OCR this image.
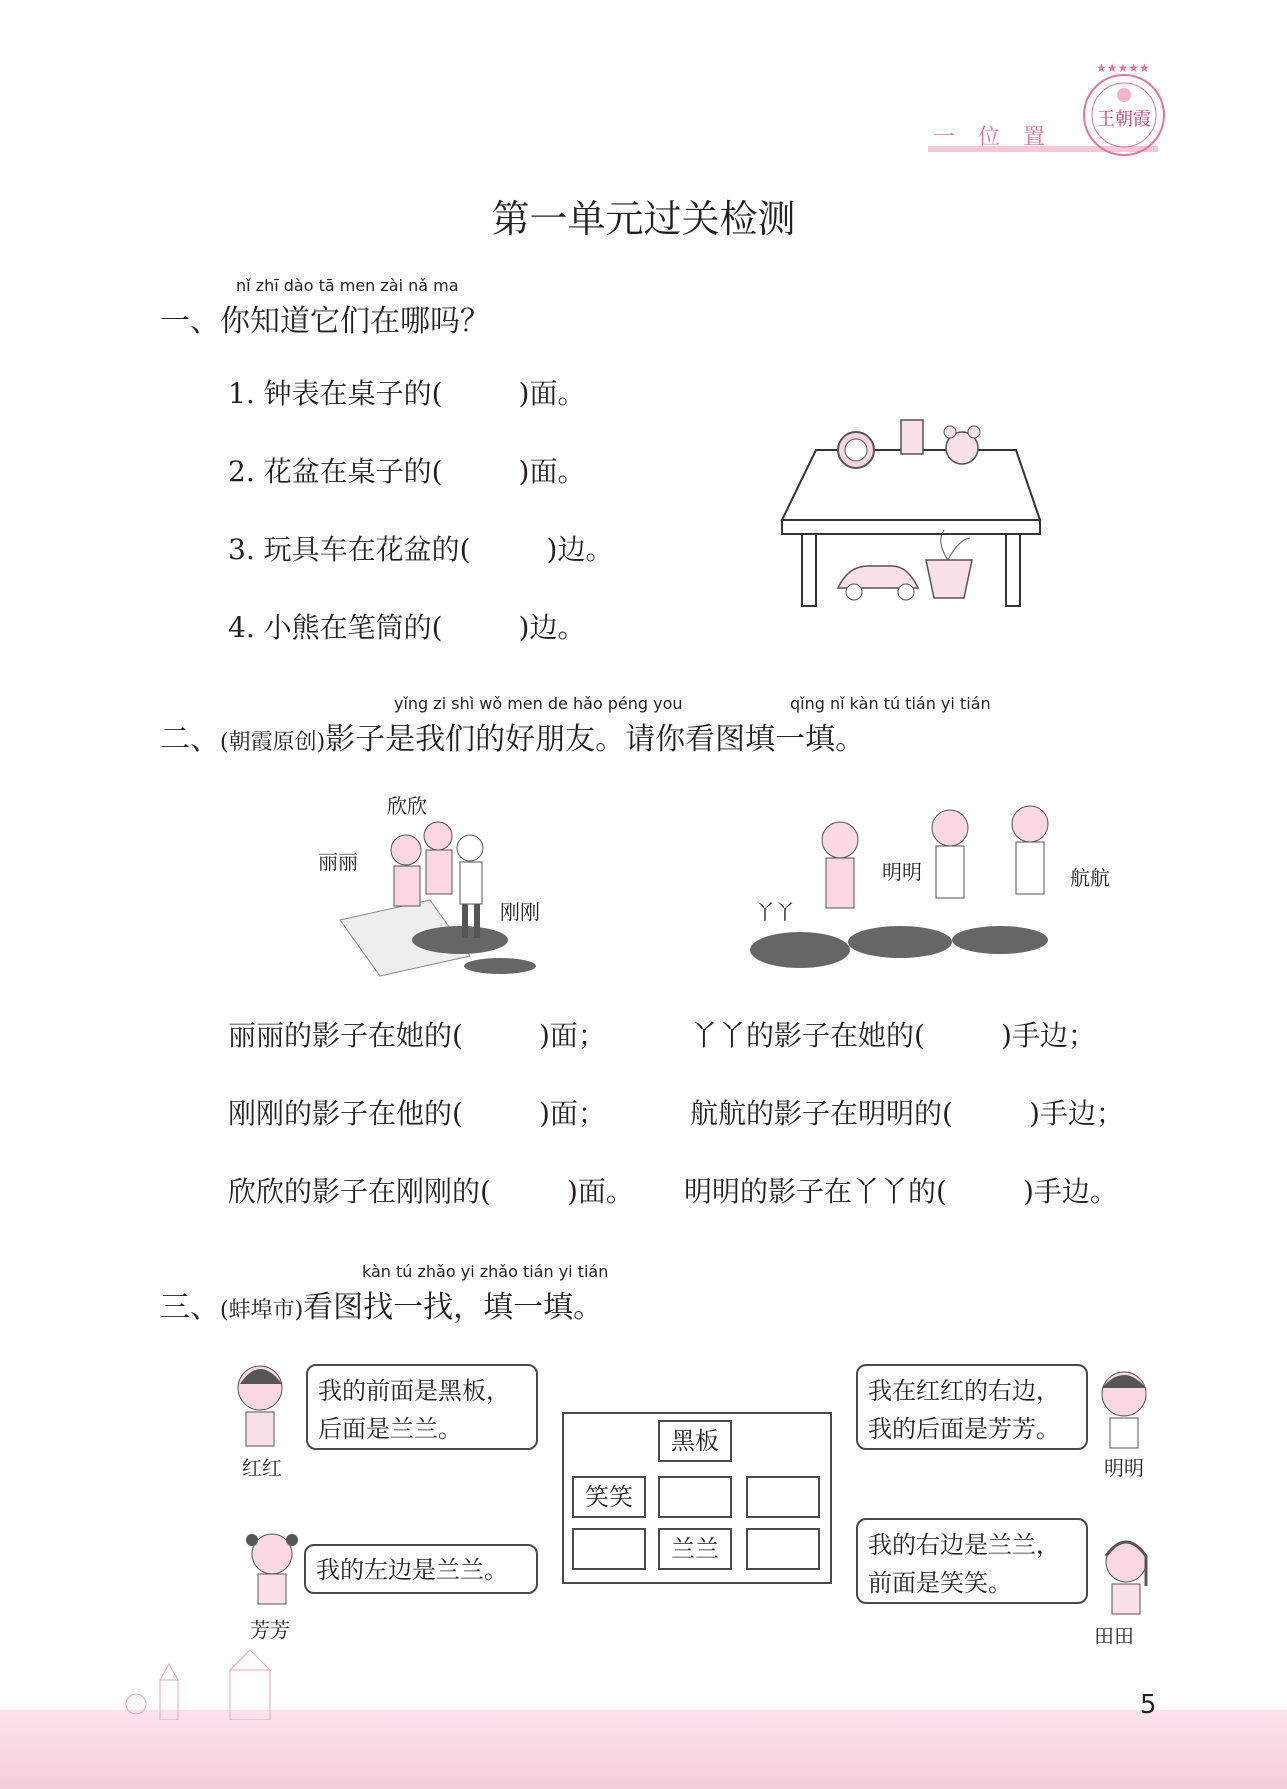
一 位 置
★★★★★
王朝霞
第一单元过关检测
nǐ zhī dào tā men zài nǎ ma
一、你知道它们在哪吗？
1. 钟表在桌子的(	)面。
2. 花盆在桌子的(	)面。
3. 玩具车在花盆的(	)边。
4. 小熊在笔筒的(	)边。
yǐng zi shì wǒ men de hǎo péng you	qǐng nǐ kàn tú tián yi tián
二、(朝霞原创)影子是我们的好朋友。请你看图填一填。
欣欣
丽丽
刚刚	丫丫
明明	航航
丽丽的影子在她的(	)面；	丫丫的影子在她的(	)手边；
刚刚的影子在他的(	)面；	航航的影子在明明的(	)手边；
欣欣的影子在刚刚的(	)面。 明明的影子在丫丫的(	)手边。
kàn tú zhǎo yi zhǎo tián yi tián
三、(蚌埠市)看图找一找，填一填。
红红
芳芳
明明
田田
我的前面是黑板，
后面是兰兰。
我的左边是兰兰。
我在红红的右边，
我的后面是芳芳。
我的右边是兰兰，
前面是笑笑。
黑板
笑笑
兰兰
5
